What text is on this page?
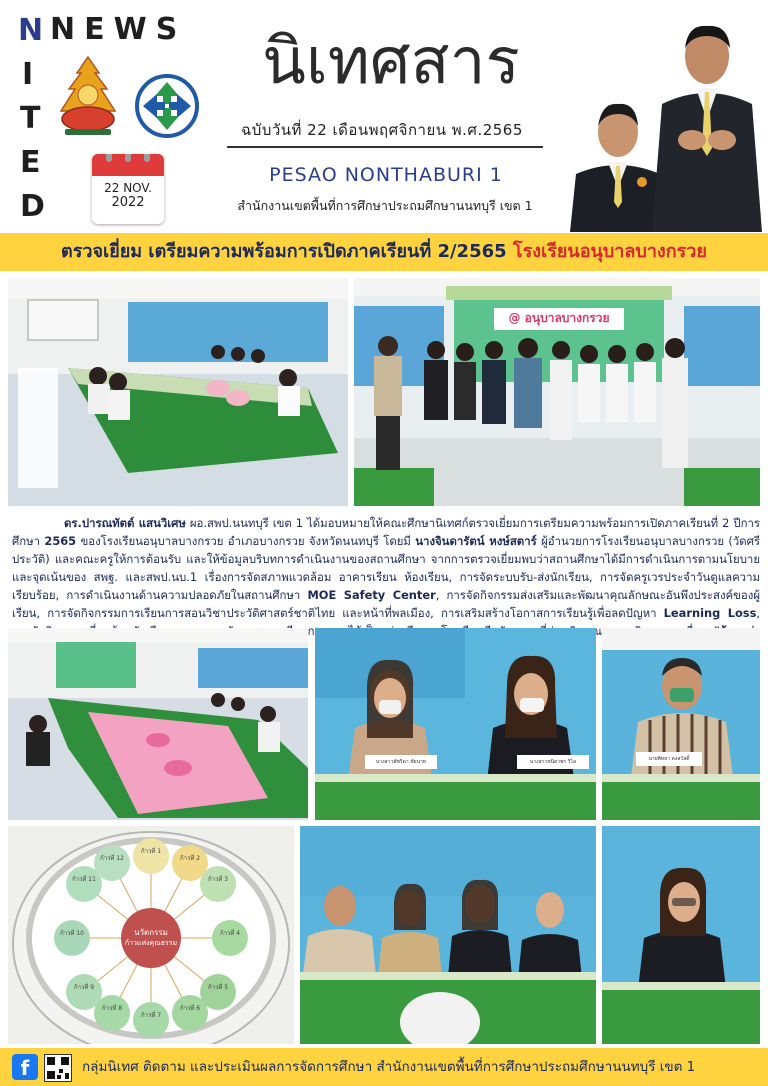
NEWS
N
I
T
E
D
22 NOV.
2022
นิเทศสาร
ฉบับวันที่ 22 เดือนพฤศจิกายน พ.ศ.2565
PESAO NONTHABURI 1
สำนักงานเขตพื้นที่การศึกษาประถมศึกษานนทบุรี เขต 1
ตรวจเยี่ยม เตรียมความพร้อมการเปิดภาคเรียนที่ 2/2565 โรงเรียนอนุบาลบางกรวย
@ อนุบาลบางกรวย
ดร.ปารณทัตต์ แสนวิเศษ ผอ.สพป.นนทบุรี เขต 1 ได้มอบหมายให้คณะศึกษานิเทศก์ตรวจเยี่ยมการเตรียมความพร้อมการเปิดภาคเรียนที่ 2 ปีการศึกษา 2565 ของโรงเรียนอนุบาลบางกรวย อำเภอบางกรวย จังหวัดนนทบุรี โดยมี นางจินดารัตน์ หงษ์สตาร์ ผู้อำนวยการโรงเรียนอนุบาลบางกรวย (วัดศรีประวัติ) และคณะครูให้การต้อนรับ และให้ข้อมูลบริบทการดำเนินงานของสถานศึกษา จากการตรวจเยี่ยมพบว่าสถานศึกษาได้มีการดำเนินการตามนโยบายและจุดเน้นของ สพฐ. และสพป.นบ.1 เรื่องการจัดสภาพแวดล้อม อาคารเรียน ห้องเรียน, การจัดระบบรับ-ส่งนักเรียน, การจัดครูเวรประจำวันดูแลความเรียบร้อย, การดำเนินงานด้านความปลอดภัยในสถานศึกษา MOE Safety Center, การจัดกิจกรรมส่งเสริมและพัฒนาคุณลักษณะอันพึงประสงค์ของผู้เรียน, การจัดกิจกรรมการเรียนการสอนวิชาประวัติศาสตร์ชาติไทย และหน้าที่พลเมือง, การเสริมสร้างโอกาสการเรียนรู้เพื่อลดปัญหา Learning Loss,
นางสาวพัชริดา ชัยนาท	นางสาวชนิดาพร วิไล	นายพิทยา คงสวัสดิ์
นวัตกรรม
ก้าวแห่งคุณธรรม
ก้าวที่ 1
ก้าวที่ 2
ก้าวที่ 3
ก้าวที่ 4
ก้าวที่ 5
ก้าวที่ 6
ก้าวที่ 7
ก้าวที่ 8
ก้าวที่ 9
ก้าวที่ 10
ก้าวที่ 11
ก้าวที่ 12
f	กลุ่มนิเทศ ติดตาม และประเมินผลการจัดการศึกษา สำนักงานเขตพื้นที่การศึกษาประถมศึกษานนทบุรี เขต 1
